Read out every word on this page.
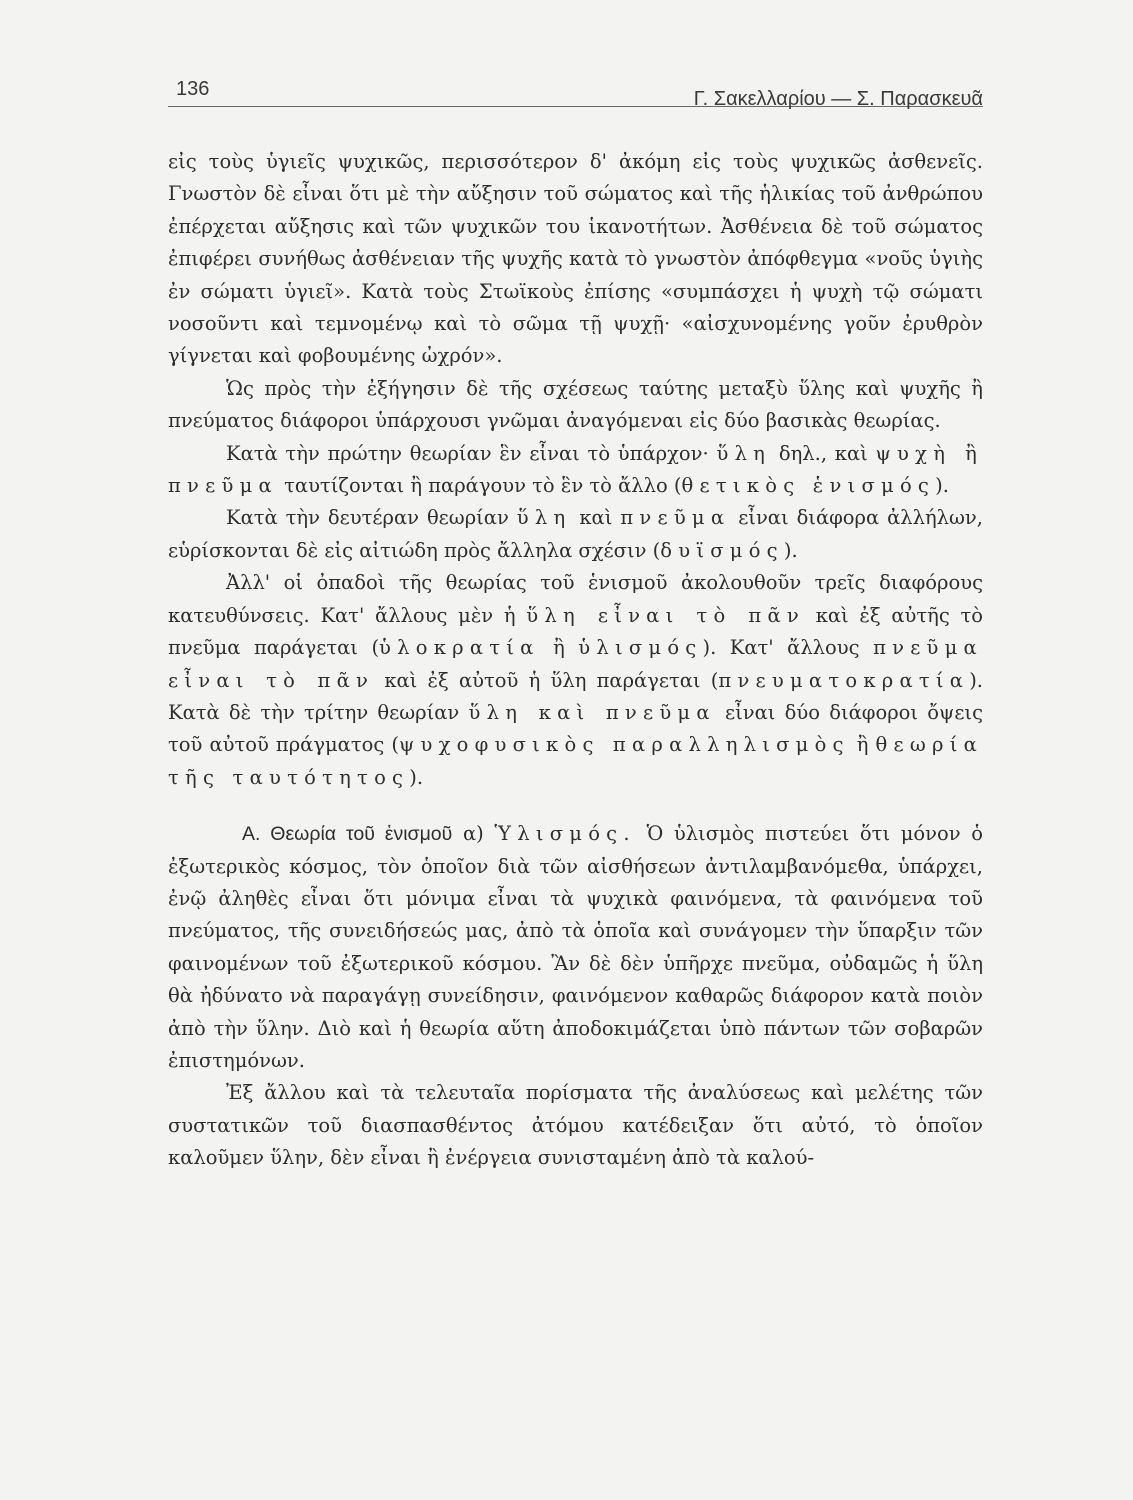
136	Γ. Σακελλαρίου — Σ. Παρασκευᾶ

εἰς τοὺς ὑγιεῖς ψυχικῶς, περισσότερον δ' ἀκόμη εἰς τοὺς ψυχικῶς ἀσθενεῖς. Γνωστὸν δὲ εἶναι ὅτι μὲ τὴν αὔξησιν τοῦ σώματος καὶ τῆς ἡλικίας τοῦ ἀνθρώπου ἐπέρχεται αὔξησις καὶ τῶν ψυχικῶν του ἱκανοτήτων. Ἀσθένεια δὲ τοῦ σώματος ἐπιφέρει συνήθως ἀσθένειαν τῆς ψυχῆς κατὰ τὸ γνωστὸν ἀπόφθεγμα «νοῦς ὑγιὴς ἐν σώματι ὑγιεῖ». Κατὰ τοὺς Στωϊκοὺς ἐπίσης «συμπάσχει ἡ ψυχὴ τῷ σώματι νοσοῦντι καὶ τεμνομένῳ καὶ τὸ σῶμα τῇ ψυχῇ· «αἰσχυνομένης γοῦν ἐρυθρὸν γίγνεται καὶ φοβουμένης ὠχρόν».

Ὡς πρὸς τὴν ἐξήγησιν δὲ τῆς σχέσεως ταύτης μεταξὺ ὕλης καὶ ψυχῆς ἢ πνεύματος διάφοροι ὑπάρχουσι γνῶμαι ἀναγόμεναι εἰς δύο βασικὰς θεωρίας.

Κατὰ τὴν πρώτην θεωρίαν ἓν εἶναι τὸ ὑπάρχον· ὕλη δηλ., καὶ ψυχὴ ἢ πνεῦμα ταυτίζονται ἢ παράγουν τὸ ἓν τὸ ἄλλο (θετικὸς ἑνισμός).

Κατὰ τὴν δευτέραν θεωρίαν ὕλη καὶ πνεῦμα εἶναι διάφορα ἀλλήλων, εὑρίσκονται δὲ εἰς αἰτιώδη πρὸς ἄλληλα σχέσιν (δυϊσμός).

Ἀλλ' οἱ ὀπαδοὶ τῆς θεωρίας τοῦ ἑνισμοῦ ἀκολουθοῦν τρεῖς διαφόρους κατευθύνσεις. Κατ' ἄλλους μὲν ἡ ὕλη εἶναι τὸ πᾶν καὶ ἐξ αὐτῆς τὸ πνεῦμα παράγεται (ὑλοκρατία ἢ ὑλισμός). Κατ' ἄλλους πνεῦμα εἶναι τὸ πᾶν καὶ ἐξ αὐτοῦ ἡ ὕλη παράγεται (πνευματοκρατία). Κατὰ δὲ τὴν τρίτην θεωρίαν ὕλη καὶ πνεῦμα εἶναι δύο διάφοροι ὄψεις τοῦ αὐτοῦ πράγματος (ψυχοφυσικὸς παραλληλισμὸς ἢ θεωρία τῆς ταυτότητος).

Α. Θεωρία τοῦ ἑνισμοῦ α) Ὑλισμός. Ὁ ὑλισμὸς πιστεύει ὅτι μόνον ὁ ἐξωτερικὸς κόσμος, τὸν ὁποῖον διὰ τῶν αἰσθήσεων ἀντιλαμβανόμεθα, ὑπάρχει, ἐνῷ ἀληθὲς εἶναι ὅτι μόνιμα εἶναι τὰ ψυχικὰ φαινόμενα, τὰ φαινόμενα τοῦ πνεύματος, τῆς συνειδήσεώς μας, ἀπὸ τὰ ὁποῖα καὶ συνάγομεν τὴν ὕπαρξιν τῶν φαινομένων τοῦ ἐξωτερικοῦ κόσμου. Ἂν δὲ δὲν ὑπῆρχε πνεῦμα, οὐδαμῶς ἡ ὕλη θὰ ἠδύνατο νὰ παραγάγῃ συνείδησιν, φαινόμενον καθαρῶς διάφορον κατὰ ποιὸν ἀπὸ τὴν ὕλην. Διὸ καὶ ἡ θεωρία αὕτη ἀποδοκιμάζεται ὑπὸ πάντων τῶν σοβαρῶν ἐπιστημόνων.

Ἐξ ἄλλου καὶ τὰ τελευταῖα πορίσματα τῆς ἀναλύσεως καὶ μελέτης τῶν συστατικῶν τοῦ διασπασθέντος ἀτόμου κατέδειξαν ὅτι αὐτό, τὸ ὁποῖον καλοῦμεν ὕλην, δὲν εἶναι ἢ ἐνέργεια συνισταμένη ἀπὸ τὰ καλού-
